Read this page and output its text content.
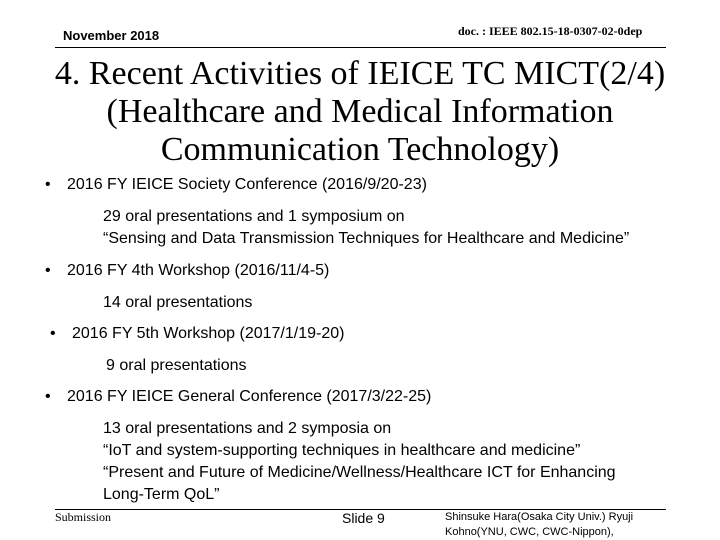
November 2018	doc. : IEEE 802.15-18-0307-02-0dep
4. Recent Activities of IEICE TC MICT(2/4)
(Healthcare and Medical Information
Communication Technology)
• 2016 FY IEICE Society Conference (2016/9/20-23)
29 oral presentations and 1 symposium on
“Sensing and Data Transmission Techniques for Healthcare and Medicine”
• 2016 FY 4th Workshop (2016/11/4-5)
14 oral presentations
• 2016 FY 5th Workshop (2017/1/19-20)
9 oral presentations
• 2016 FY IEICE General Conference (2017/3/22-25)
13 oral presentations and 2 symposia on
“IoT and system-supporting techniques in healthcare and medicine”
“Present and Future of Medicine/Wellness/Healthcare ICT for Enhancing
Long-Term QoL”
Submission	Slide 9	Shinsuke Hara(Osaka City Univ.) Ryuji
Kohno(YNU, CWC, CWC-Nippon),
